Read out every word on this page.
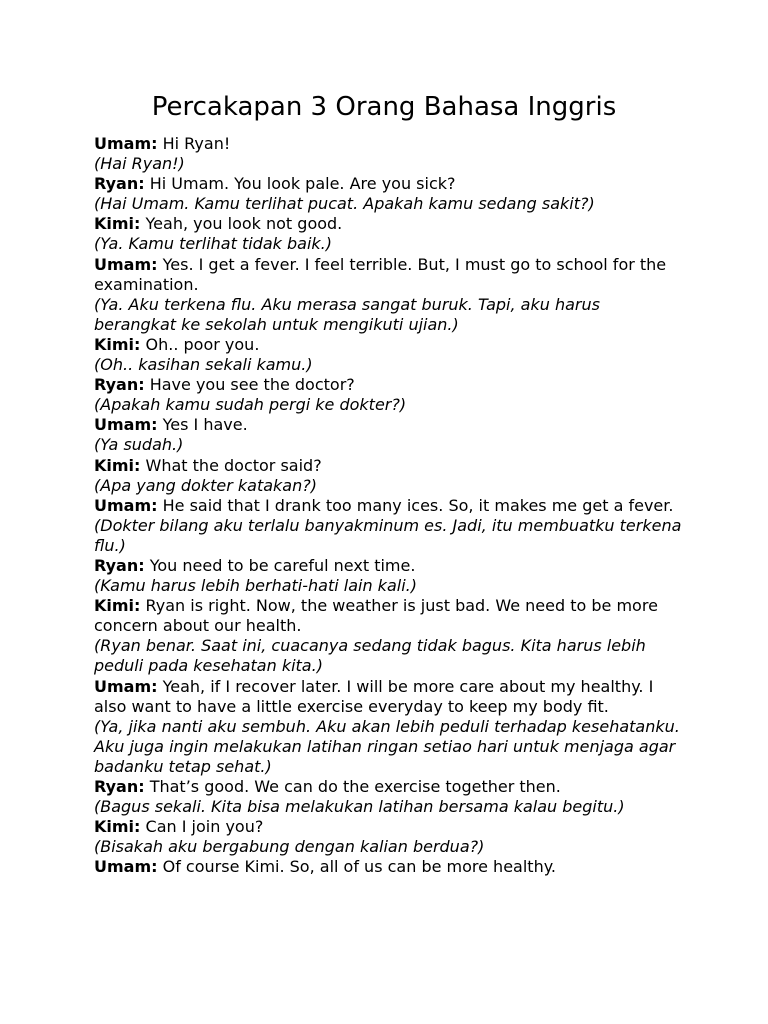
Percakapan 3 Orang Bahasa Inggris

Umam: Hi Ryan!

(Hai Ryan!)

Ryan: Hi Umam. You look pale. Are you sick?

(Hai Umam. Kamu terlihat pucat. Apakah kamu sedang sakit?)

Kimi: Yeah, you look not good.

(Ya. Kamu terlihat tidak baik.)

Umam: Yes. I get a fever. I feel terrible. But, I must go to school for the examination.

(Ya. Aku terkena flu. Aku merasa sangat buruk. Tapi, aku harus berangkat ke sekolah untuk mengikuti ujian.)

Kimi: Oh.. poor you.

(Oh.. kasihan sekali kamu.)

Ryan: Have you see the doctor?

(Apakah kamu sudah pergi ke dokter?)

Umam: Yes I have.

(Ya sudah.)

Kimi: What the doctor said?

(Apa yang dokter katakan?)

Umam: He said that I drank too many ices. So, it makes me get a fever.

(Dokter bilang aku terlalu banyakminum es. Jadi, itu membuatku terkena flu.)

Ryan: You need to be careful next time.

(Kamu harus lebih berhati-hati lain kali.)

Kimi: Ryan is right. Now, the weather is just bad. We need to be more concern about our health.

(Ryan benar. Saat ini, cuacanya sedang tidak bagus. Kita harus lebih peduli pada kesehatan kita.)

Umam: Yeah, if I recover later. I will be more care about my healthy. I also want to have a little exercise everyday to keep my body fit.

(Ya, jika nanti aku sembuh. Aku akan lebih peduli terhadap kesehatanku. Aku juga ingin melakukan latihan ringan setiao hari untuk menjaga agar badanku tetap sehat.)

Ryan: That’s good. We can do the exercise together then.

(Bagus sekali. Kita bisa melakukan latihan bersama kalau begitu.)

Kimi: Can I join you?

(Bisakah aku bergabung dengan kalian berdua?)

Umam: Of course Kimi. So, all of us can be more healthy.
